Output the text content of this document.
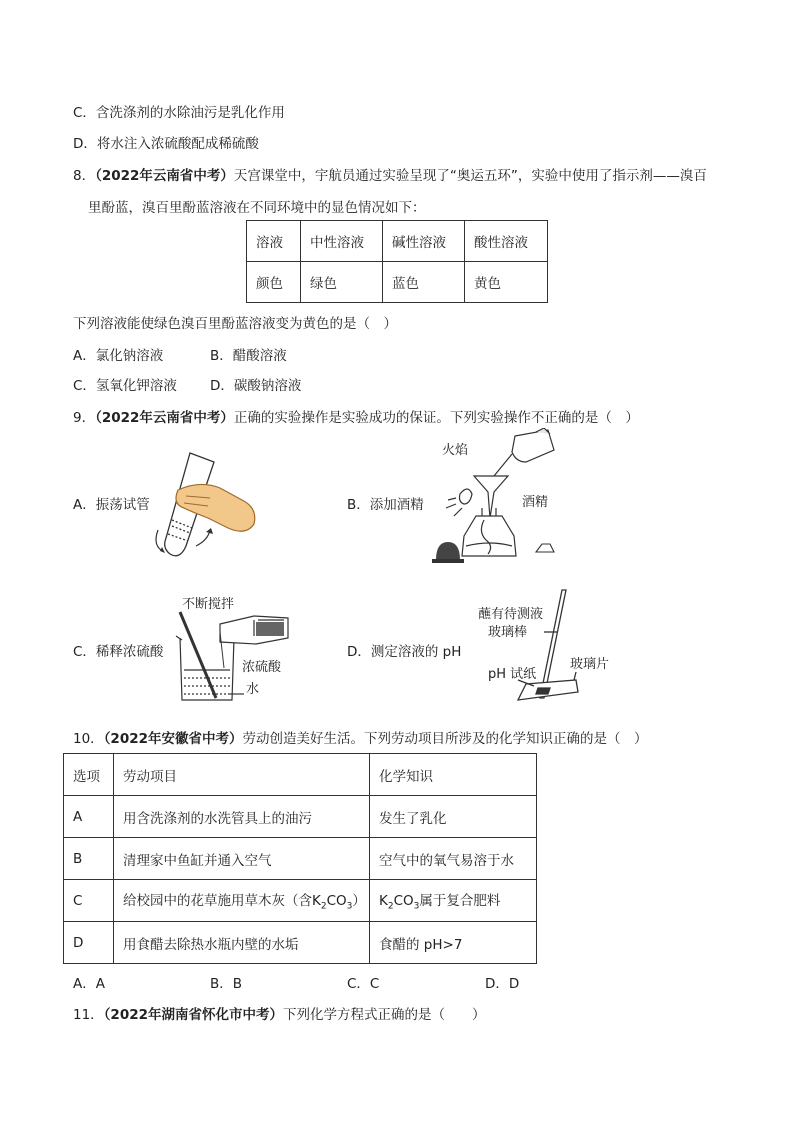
C．含洗涤剂的水除油污是乳化作用
D．将水注入浓硫酸配成稀硫酸
8．（2022年云南省中考）天宫课堂中，宇航员通过实验呈现了“奥运五环”，实验中使用了指示剂——溴百
里酚蓝，溴百里酚蓝溶液在不同环境中的显色情况如下：
溶液	中性溶液	碱性溶液	酸性溶液
颜色	绿色	蓝色	黄色
下列溶液能使绿色溴百里酚蓝溶液变为黄色的是（　）
A．氯化钠溶液	B．醋酸溶液
C．氢氧化钾溶液 D．碳酸钠溶液
9．（2022年云南省中考）正确的实验操作是实验成功的保证。下列实验操作不正确的是（　）
A．振荡试管	B．添加酒精
火焰
酒精
C．稀释浓硫酸
不断搅拌
浓硫酸
水
D．测定溶液的 pH
蘸有待测液
玻璃棒
pH 试纸
玻璃片
10．（2022年安徽省中考）劳动创造美好生活。下列劳动项目所涉及的化学知识正确的是（　）
选项	劳动项目	化学知识
A	用含洗涤剂的水洗管具上的油污	发生了乳化
B	清理家中鱼缸并通入空气	空气中的氧气易溶于水
C	给校园中的花草施用草木灰（含$K_2CO_3$）	$K_2CO_3$属于复合肥料
D	用食醋去除热水瓶内壁的水垢	食醋的 pH>7
A．A	B．B	C．C	D．D
11．（2022年湖南省怀化市中考）下列化学方程式正确的是（　　）
